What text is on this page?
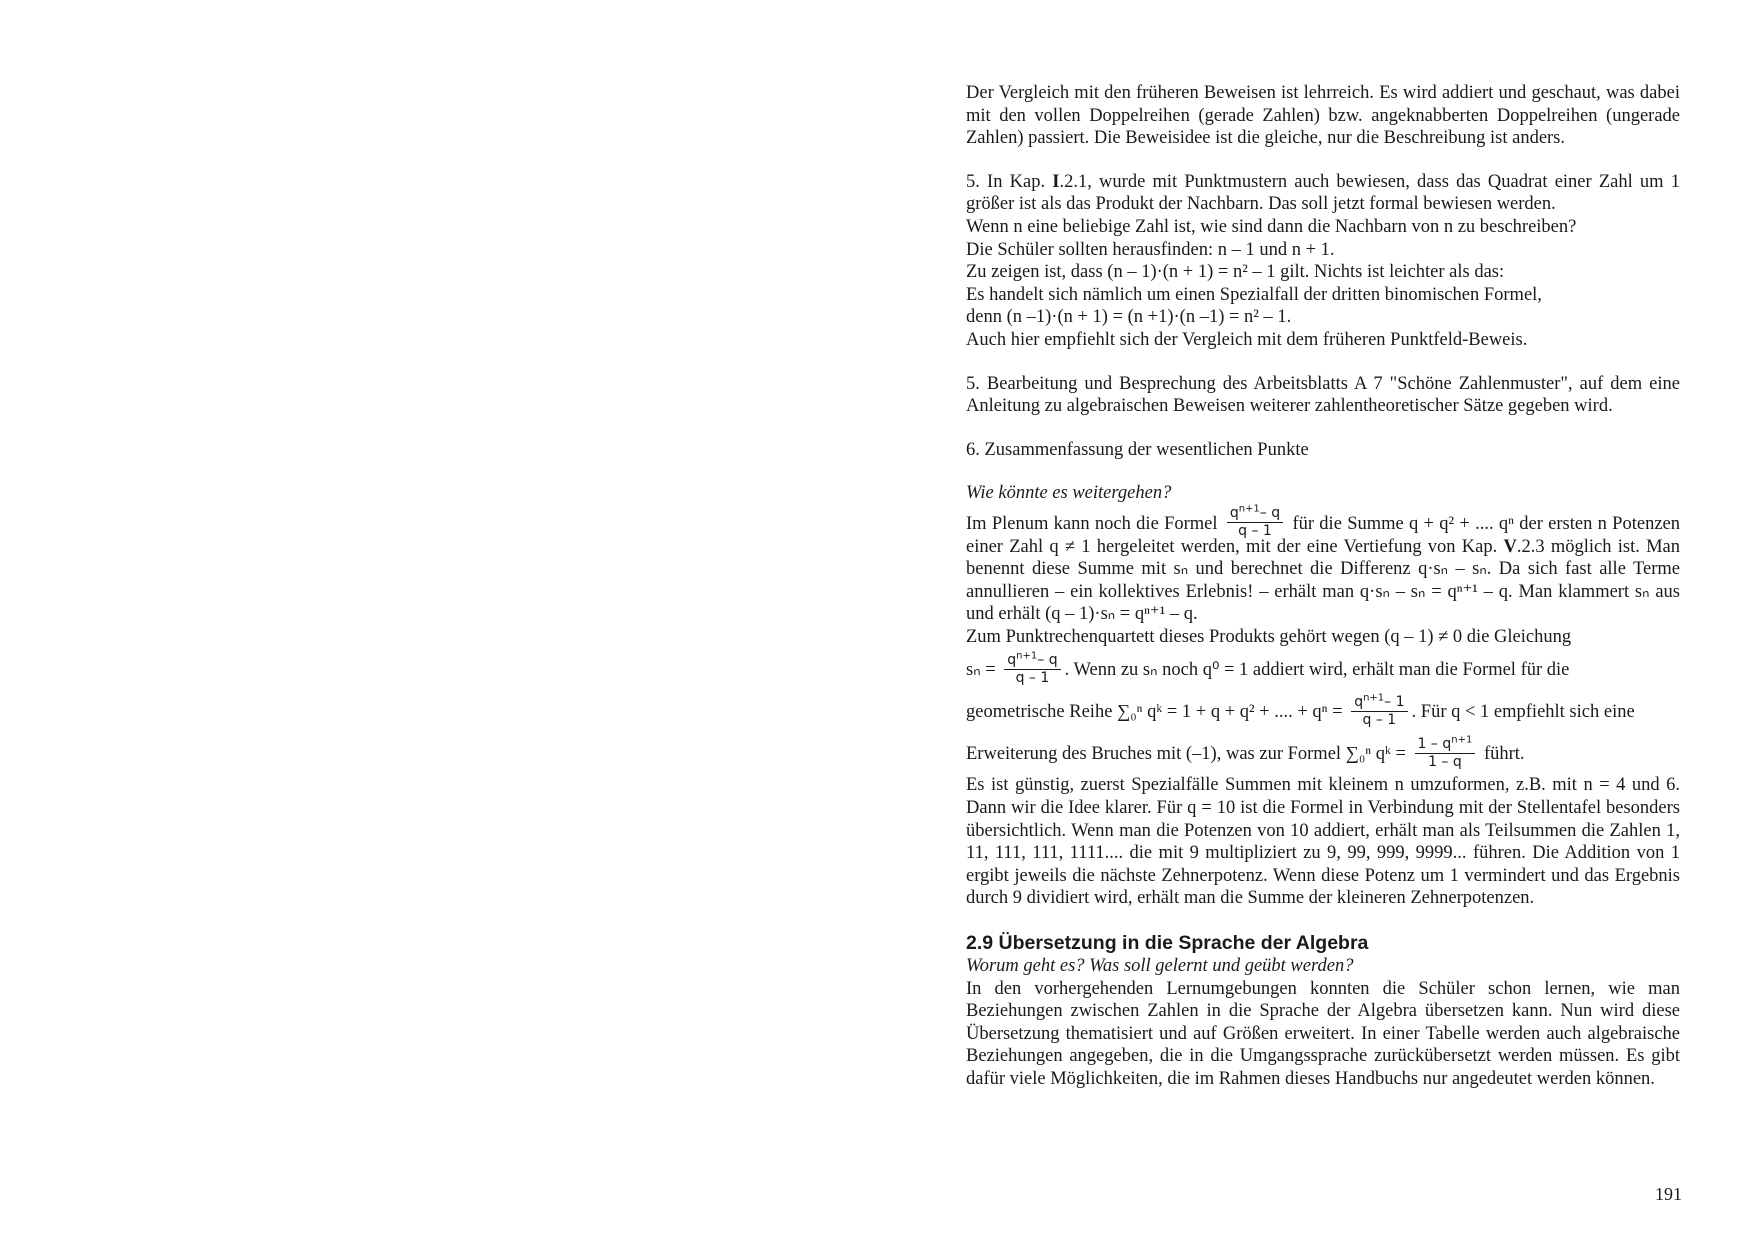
Der Vergleich mit den früheren Beweisen ist lehrreich. Es wird addiert und geschaut, was dabei mit den vollen Doppelreihen (gerade Zahlen) bzw. angeknabberten Doppelreihen (ungerade Zahlen) passiert. Die Beweisidee ist die gleiche, nur die Beschreibung ist anders.

5. In Kap. I.2.1, wurde mit Punktmustern auch bewiesen, dass das Quadrat einer Zahl um 1 größer ist als das Produkt der Nachbarn. Das soll jetzt formal bewiesen werden.

Wenn n eine beliebige Zahl ist, wie sind dann die Nachbarn von n zu beschreiben?

Die Schüler sollten herausfinden: n – 1 und n + 1.

Zu zeigen ist, dass (n – 1)·(n + 1) = n² – 1 gilt. Nichts ist leichter als das:

Es handelt sich nämlich um einen Spezialfall der dritten binomischen Formel,

denn (n –1)·(n + 1) = (n +1)·(n –1) = n² – 1.

Auch hier empfiehlt sich der Vergleich mit dem früheren Punktfeld-Beweis.

5. Bearbeitung und Besprechung des Arbeitsblatts A 7 "Schöne Zahlenmuster", auf dem eine Anleitung zu algebraischen Beweisen weiterer zahlentheoretischer Sätze gegeben wird.

6. Zusammenfassung der wesentlichen Punkte

Wie könnte es weitergehen?

Im Plenum kann noch die Formel $\frac{q^{n+1}- q}{q - 1}$ für die Summe q + q² + .... qⁿ der ersten n Potenzen einer Zahl q ≠ 1 hergeleitet werden, mit der eine Vertiefung von Kap. V.2.3 möglich ist. Man benennt diese Summe mit sₙ und berechnet die Differenz q·sₙ – sₙ. Da sich fast alle Terme annullieren – ein kollektives Erlebnis! – erhält man q·sₙ – sₙ = qⁿ⁺¹ – q. Man klammert sₙ aus und erhält (q – 1)·sₙ = qⁿ⁺¹ – q.

Zum Punktrechenquartett dieses Produkts gehört wegen (q – 1) ≠ 0 die Gleichung

$s_n = \frac{q^{n+1}- q}{q - 1}$ . Wenn zu sₙ noch q⁰ = 1 addiert wird, erhält man die Formel für die

geometrische Reihe ∑₀ⁿ qᵏ = 1 + q + q² + .... + $q^n = \frac{q^{n+1}- 1}{q - 1}$ . Für q < 1 empfiehlt sich eine

Erweiterung des Bruches mit (–1), was zur Formel ∑₀ⁿ qᵏ = $\frac{1 - q^{n+1}}{1 - q}$ führt.

Es ist günstig, zuerst Spezialfälle Summen mit kleinem n umzuformen, z.B. mit n = 4 und 6. Dann wir die Idee klarer. Für q = 10 ist die Formel in Verbindung mit der Stellentafel besonders übersichtlich. Wenn man die Potenzen von 10 addiert, erhält man als Teilsummen die Zahlen 1, 11, 111, 111, 1111.... die mit 9 multipliziert zu 9, 99, 999, 9999... führen. Die Addition von 1 ergibt jeweils die nächste Zehnerpotenz. Wenn diese Potenz um 1 vermindert und das Ergebnis durch 9 dividiert wird, erhält man die Summe der kleineren Zehnerpotenzen.

2.9 Übersetzung in die Sprache der Algebra

Worum geht es? Was soll gelernt und geübt werden?

In den vorhergehenden Lernumgebungen konnten die Schüler schon lernen, wie man Beziehungen zwischen Zahlen in die Sprache der Algebra übersetzen kann. Nun wird diese Übersetzung thematisiert und auf Größen erweitert. In einer Tabelle werden auch algebraische Beziehungen angegeben, die in die Umgangssprache zurückübersetzt werden müssen. Es gibt dafür viele Möglichkeiten, die im Rahmen dieses Handbuchs nur angedeutet werden können.

191
